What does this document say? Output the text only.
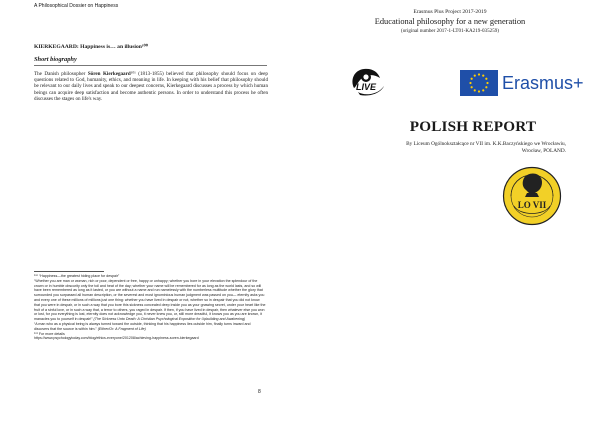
A Philosophical Dossier on Happiness
KIERKEGAARD: Happiness is… an illusion¹⁰⁰
Short biography
The Danish philosopher Sören Kierkegaard¹⁰¹ (1813-1855) believed that philosophy should focus on deep questions related to God, humanity, ethics, and meaning in life. In keeping with his belief that philosophy should be relevant to our daily lives and speak to our deepest concerns, Kierkegaard discusses a process by which human beings can acquire deep satisfaction and become authentic persons. In order to understand this process he often discusses the stages on life's way.

¹⁰⁰ “Happiness—the greatest hiding place for despair”

“Whether you are man or woman, rich or poor, dependent or free, happy or unhappy; whether you bore in your elevation the splendour of the crown or in humble obscurity only the toil and heat of the day; whether your name will be remembered for as long as the world lasts, and so will have been remembered as long as it lasted, or you are without a name and run namelessly with the numberless multitude whether the glory that surrounded you surpassed all human description, or the severest and most ignominious human judgment was passed on you— eternity asks you and every one of these millions of millions just one thing: whether you have lived in despair or not, whether so in despair that you did not know that you were in despair, or in such a way that you bore this sickness concealed deep inside you as your gnawing secret, under your heart like the fruit of a sinful love, or in such a way that, a terror to others, you raged in despair. If then, if you have lived in despair, then whatever else you won or lost, for you everything is lost, eternity does not acknowledge you, it never knew you, or, still more dreadful, it knows you as you are known, it manacles you to yourself in despair!” (The Sickness Unto Death: A Christian Psychological Exposition for Upbuilding and Awakening)

“A man who as a physical being is always turned toward the outside, thinking that his happiness lies outside him, finally turns inward and discovers that the source is within him.” (Either/Or: A Fragment of Life)

¹⁰¹ For more details

https://www.psychologytoday.com/blog/ethics-everyone/201208/achieving-happiness-soren-kierkegaard

8
Erasmus Plus Project 2017-2019
Educational philosophy for a new generation
(original number 2017-1-LT01-KA219-035259)
LIVE	Erasmus+
POLISH REPORT
By Liceum Ogólnokształcące nr VII im. K.K.Baczyńskiego we Wrocławiu,
Wrocław, POLAND.
LO VII
